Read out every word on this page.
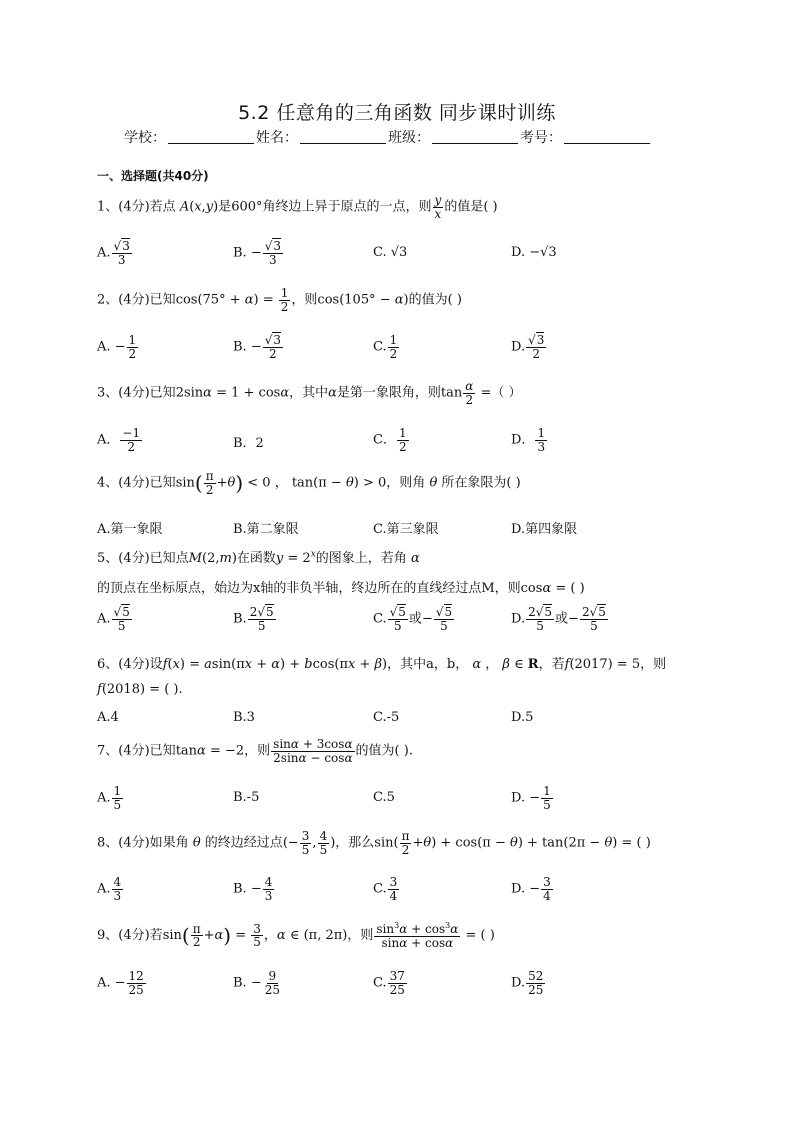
5.2 任意角的三角函数 同步课时训练
学校：	姓名：	班级：	考号：
一、选择题(共40分)
1、(4分)若点 A(x,y)是600°角终边上异于原点的一点，则 $\frac{y}{x}$ 的值是( )
A. $\frac{√3}{3}$	B. − $\frac{√3}{3}$	C. √3	D. −√3
2、(4分)已知$\cos(75^\circ + \alpha) = \frac{1}{2}$ ，则cos(105° − α)的值为( )
A. − $\frac{1}{2}$	B. − $\frac{√3}{2}$	C. $\frac{1}{2}$	D. $\frac{√3}{2}$
3、(4分)已知2sinα = 1 + cosα，其中α是第一象限角，则$\tan \frac{\alpha}{2}$ =（ ）
A． $\frac{-1}{2}$	B．2	C． $\frac{1}{2}$	D． $\frac{1}{3}$
4、(4分)已知$\sin( \frac{\pi}{2} +\theta) < 0$ ， tan(π − θ) > 0，则角 θ 所在象限为( )
A.第一象限	B.第二象限	C.第三象限	D.第四象限
5、(4分)已知点M(2,m)在函数$y = 2^x$的图象上，若角 α
的顶点在坐标原点，始边为x轴的非负半轴，终边所在的直线经过点M，则cosα = ( )
A. $\frac{√5}{5}$	B. $\frac{2√5}{5}$	C. $\frac{√5}{5}$ 或− $\frac{√5}{5}$	D. $\frac{2√5}{5}$ 或− $\frac{2√5}{5}$
6、(4分)设f(x) = asin(πx + α) + bcos(πx + β)，其中a，b， α ， β ∈ R，若f(2017) = 5，则
f(2018) = ( ).
A.4	B.3	C.-5	D.5
7、(4分)已知tanα = −2，则 $\frac{\sin\alpha + 3\cos\alpha}{2\sin\alpha - \cos\alpha}$ 的值为( ).
A. $\frac{1}{5}$	B.-5	C.5	D. − $\frac{1}{5}$
8、(4分)如果角 θ 的终边经过点(− $\frac{3}{5}$ , $\frac{4}{5}$ )，那么$\sin( \frac{\pi}{2} +\theta) + \cos(\pi - \theta) + \tan(2\pi - \theta)$ = ( )
A. $\frac{4}{3}$	B. − $\frac{4}{3}$	C. $\frac{3}{4}$	D. − $\frac{3}{4}$
9、(4分)若$\sin( \frac{\pi}{2} +\alpha) = \frac{3}{5}$ ，α ∈ (π, 2π)，则 $\frac{\sin^3\alpha + \cos^3\alpha}{\sin\alpha + \cos\alpha}$ = ( )
A. − $\frac{12}{25}$	B. − $\frac{9}{25}$	C. $\frac{37}{25}$	D. $\frac{52}{25}$
